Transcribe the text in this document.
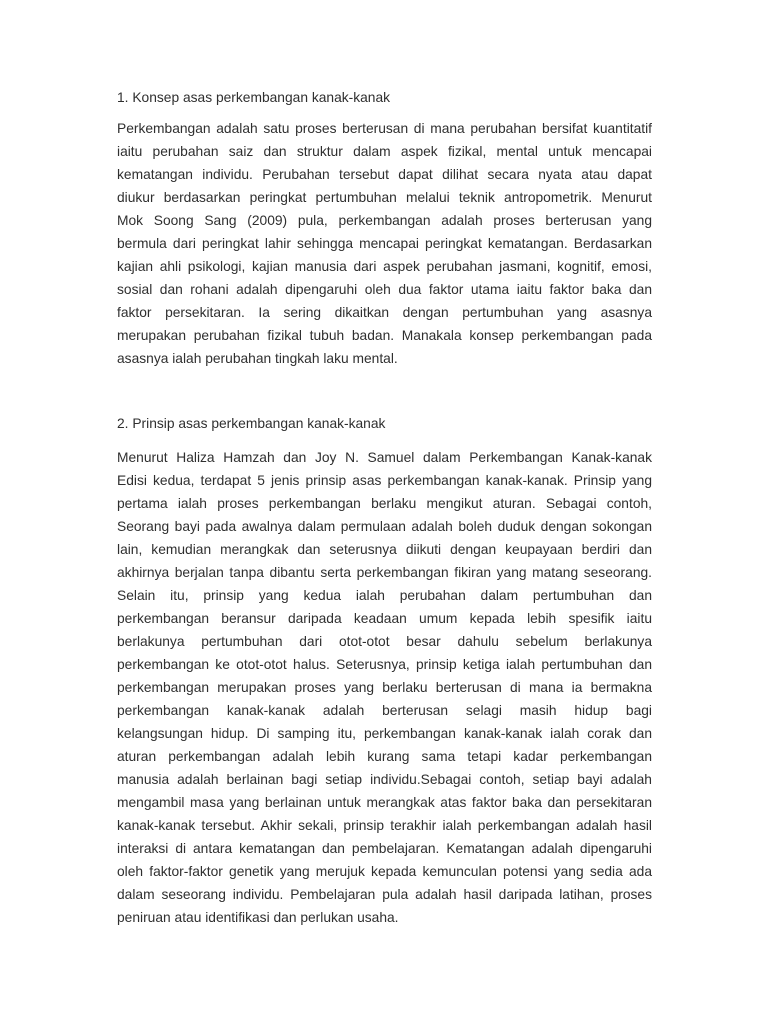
1. Konsep asas perkembangan kanak-kanak
Perkembangan adalah satu proses berterusan di mana perubahan bersifat kuantitatif
iaitu perubahan saiz dan struktur dalam aspek fizikal, mental untuk mencapai
kematangan individu. Perubahan tersebut dapat dilihat secara nyata atau dapat
diukur berdasarkan peringkat pertumbuhan melalui teknik antropometrik. Menurut
Mok Soong Sang (2009) pula, perkembangan adalah proses berterusan yang
bermula dari peringkat lahir sehingga mencapai peringkat kematangan. Berdasarkan
kajian ahli psikologi, kajian manusia dari aspek perubahan jasmani, kognitif, emosi,
sosial dan rohani adalah dipengaruhi oleh dua faktor utama iaitu faktor baka dan
faktor persekitaran. Ia sering dikaitkan dengan pertumbuhan yang asasnya
merupakan perubahan fizikal tubuh badan. Manakala konsep perkembangan pada
asasnya ialah perubahan tingkah laku mental.
2. Prinsip asas perkembangan kanak-kanak
Menurut Haliza Hamzah dan Joy N. Samuel dalam Perkembangan Kanak-kanak
Edisi kedua, terdapat 5 jenis prinsip asas perkembangan kanak-kanak. Prinsip yang
pertama ialah proses perkembangan berlaku mengikut aturan. Sebagai contoh,
Seorang bayi pada awalnya dalam permulaan adalah boleh duduk dengan sokongan
lain, kemudian merangkak dan seterusnya diikuti dengan keupayaan berdiri dan
akhirnya berjalan tanpa dibantu serta perkembangan fikiran yang matang seseorang.
Selain itu, prinsip yang kedua ialah perubahan dalam pertumbuhan dan
perkembangan beransur daripada keadaan umum kepada lebih spesifik iaitu
berlakunya pertumbuhan dari otot-otot besar dahulu sebelum berlakunya
perkembangan ke otot-otot halus. Seterusnya, prinsip ketiga ialah pertumbuhan dan
perkembangan merupakan proses yang berlaku berterusan di mana ia bermakna
perkembangan kanak-kanak adalah berterusan selagi masih hidup bagi
kelangsungan hidup. Di samping itu, perkembangan kanak-kanak ialah corak dan
aturan perkembangan adalah lebih kurang sama tetapi kadar perkembangan
manusia adalah berlainan bagi setiap individu.Sebagai contoh, setiap bayi adalah
mengambil masa yang berlainan untuk merangkak atas faktor baka dan persekitaran
kanak-kanak tersebut. Akhir sekali, prinsip terakhir ialah perkembangan adalah hasil
interaksi di antara kematangan dan pembelajaran. Kematangan adalah dipengaruhi
oleh faktor-faktor genetik yang merujuk kepada kemunculan potensi yang sedia ada
dalam seseorang individu. Pembelajaran pula adalah hasil daripada latihan, proses
peniruan atau identifikasi dan perlukan usaha.
